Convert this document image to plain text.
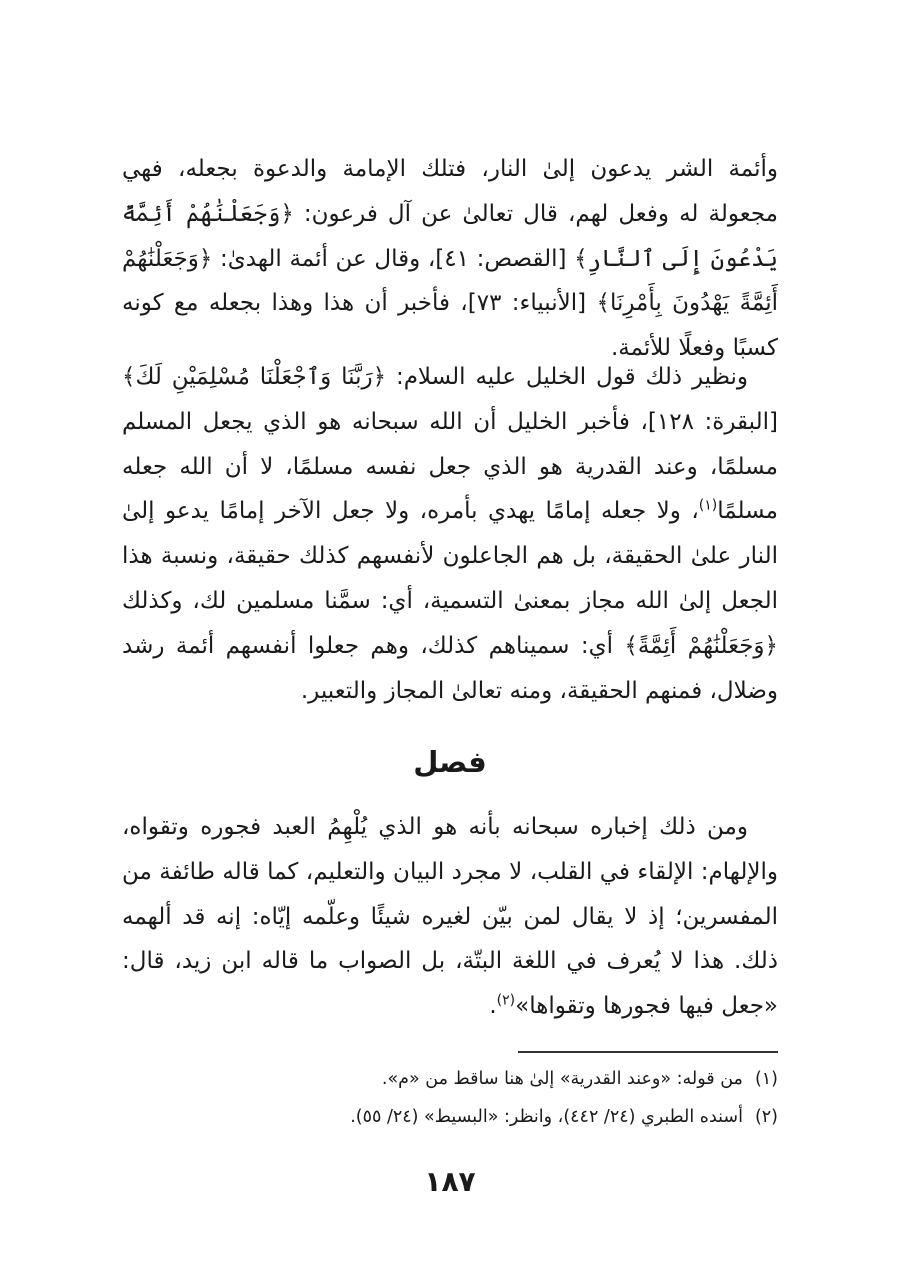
وأئمة الشر يدعون إلىٰ النار، فتلك الإمامة والدعوة بجعله، فهي مجعولة له وفعل لهم، قال تعالىٰ عن آل فرعون: ﴿وَجَعَلْنَٰهُمْ أَئِمَّةً يَدْعُونَ إِلَى ٱلنَّارِ﴾ [القصص: ٤١]، وقال عن أئمة الهدىٰ: ﴿وَجَعَلْنَٰهُمْ أَئِمَّةً يَهْدُونَ بِأَمْرِنَا﴾ [الأنبياء: ٧٣]، فأخبر أن هذا وهذا بجعله مع كونه كسبًا وفعلًا للأئمة.

ونظير ذلك قول الخليل عليه السلام: ﴿رَبَّنَا وَٱجْعَلْنَا مُسْلِمَيْنِ لَكَ﴾ [البقرة: ١٢٨]، فأخبر الخليل أن الله سبحانه هو الذي يجعل المسلم مسلمًا، وعند القدرية هو الذي جعل نفسه مسلمًا، لا أن الله جعله مسلمًا$^{(١)}$، ولا جعله إمامًا يهدي بأمره، ولا جعل الآخر إمامًا يدعو إلىٰ النار علىٰ الحقيقة، بل هم الجاعلون لأنفسهم كذلك حقيقة، ونسبة هذا الجعل إلىٰ الله مجاز بمعنىٰ التسمية، أي: سمَّنا مسلمين لك، وكذلك ﴿وَجَعَلْنَٰهُمْ أَئِمَّةً﴾ أي: سميناهم كذلك، وهم جعلوا أنفسهم أئمة رشد وضلال، فمنهم الحقيقة، ومنه تعالىٰ المجاز والتعبير.

فصل

ومن ذلك إخباره سبحانه بأنه هو الذي يُلْهِمُ العبد فجوره وتقواه، والإلهام: الإلقاء في القلب، لا مجرد البيان والتعليم، كما قاله طائفة من المفسرين؛ إذ لا يقال لمن بيّن لغيره شيئًا وعلّمه إيّاه: إنه قد ألهمه ذلك. هذا لا يُعرف في اللغة البتّة، بل الصواب ما قاله ابن زيد، قال: «جعل فيها فجورها وتقواها»$^{(٢)}$.

(١)
من قوله: «وعند القدرية» إلىٰ هنا ساقط من «م».
(٢)
أسنده الطبري (٢٤/ ٤٤٢)، وانظر: «البسيط» (٢٤/ ٥٥).
١٨٧
